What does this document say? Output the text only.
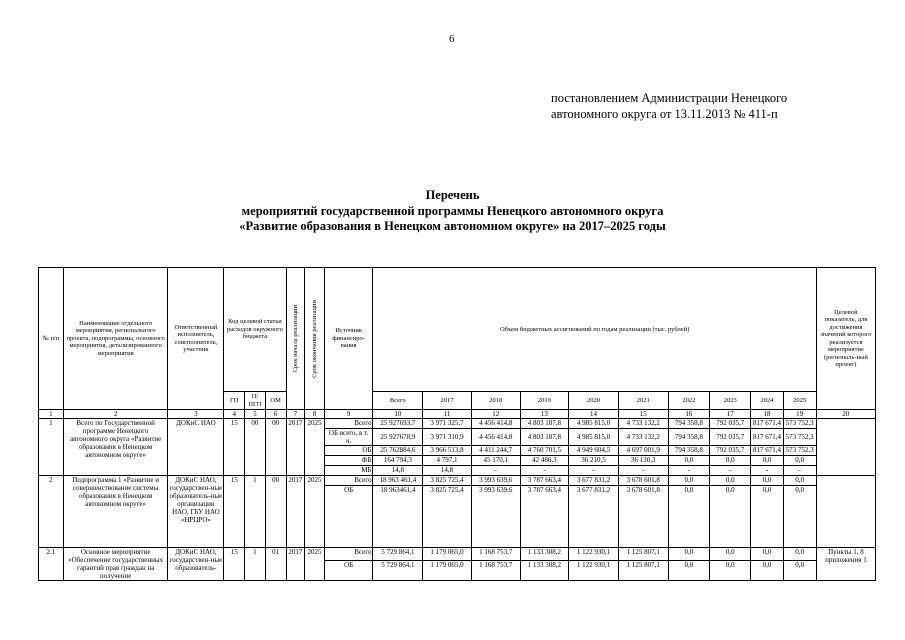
6
постановлением Администрации Ненецкого
автономного округа от 13.11.2013 № 411-п
Перечень
мероприятий государственной программы Ненецкого автономного округа
«Развитие образования в Ненецком автономном округе» на 2017–2025 годы
№ п/п	Наименование отдельного мероприятия, регионального проекта, подпрограммы, основного мероприятия, детализированного мероприятия	Ответственный исполнитель, соисполнитель, участник	Код целевой статьи расходов окружного бюджета			Срок начала реализации	Срок окончания реализации	Источник финансиро-вания	Объем бюджетных ассигнований по годам реализации (тыс. рублей)										Целевой показатель, для достижения значений которого реализуется мероприятие (региональ-ный проект)
			ГП	П/ ПГП	ОМ				Всего	2017	2018	2019	2020	2021	2022	2023	2024	2025	
1	2	3	4	5	6	7	8	9	10	11	12	13	14	15	16	17	18	19	20
1	Всего по Государственной программе Ненецкого автономного округа «Развитие образования в Ненецком автономном округе»	ДОКиС НАО	15	00	00	2017	2025	Всего	25 927693,7	3 971 325,7	4 456 414,8	4 803 187,8	4 985 815,0	4 733 132,2	794 358,8	792 035,7	817 671,4	573 752,3	
								ОБ всего, в т. ч.	25 927678,9	3 971 310,9	4 456 414,8	4 803 187,8	4 985 815,0	4 733 132,2	794 358,8	792 035,7	817 671,4	573 752,3	
								ОБ	25 762884,6	3 966 513,8	4 411 244,7	4 760 701,5	4 949 604,5	4 697 001,9	794 358,8	792 035,7	817 671,4	573 752,3	
								ФБ	164 794,3	4 797,1	45 170,1	42 486,3	36 210,5	36 130,3	0,0	0,0	0,0	0,0	
								МБ	14,8	14,8	-	-	-	-	-	-	-	-	
2	Подпрограмма 1 «Развитие и совершенствование системы образования в Ненецком автономном округе»	ДОКиС НАО, государствен-ные образователь-ные организации НАО, ГБУ НАО «НРЦРО»	15	1	00	2017	2025	Всего	18 963 461,4	3 825 725,4	3 993 639,6	3 787 663,4	3 677 831,2	3 678 601,8	0,0	0,0	0,0	0,0	
								ОБ	18 963461,4	3 825 725,4	3 993 639,6	3 787 663,4	3 677 831,2	3 678 601,8	0,0	0,0	0,0	0,0	
2.1	Основное мероприятие «Обеспечение государственных гарантий прав граждан на получение	ДОКиС НАО, государствен-ные образователь-	15	1	01	2017	2025	Всего	5 729 864,1	1 179 065,0	1 168 753,7	1 133 308,2	1 122 930,1	1 125 807,1	0,0	0,0	0,0	0,0	Пункты 1, 8 приложения 1
								ОБ	5 729 864,1	1 179 065,0	1 168 753,7	1 133 308,2	1 122 930,1	1 125 807,1	0,0	0,0	0,0	0,0	
